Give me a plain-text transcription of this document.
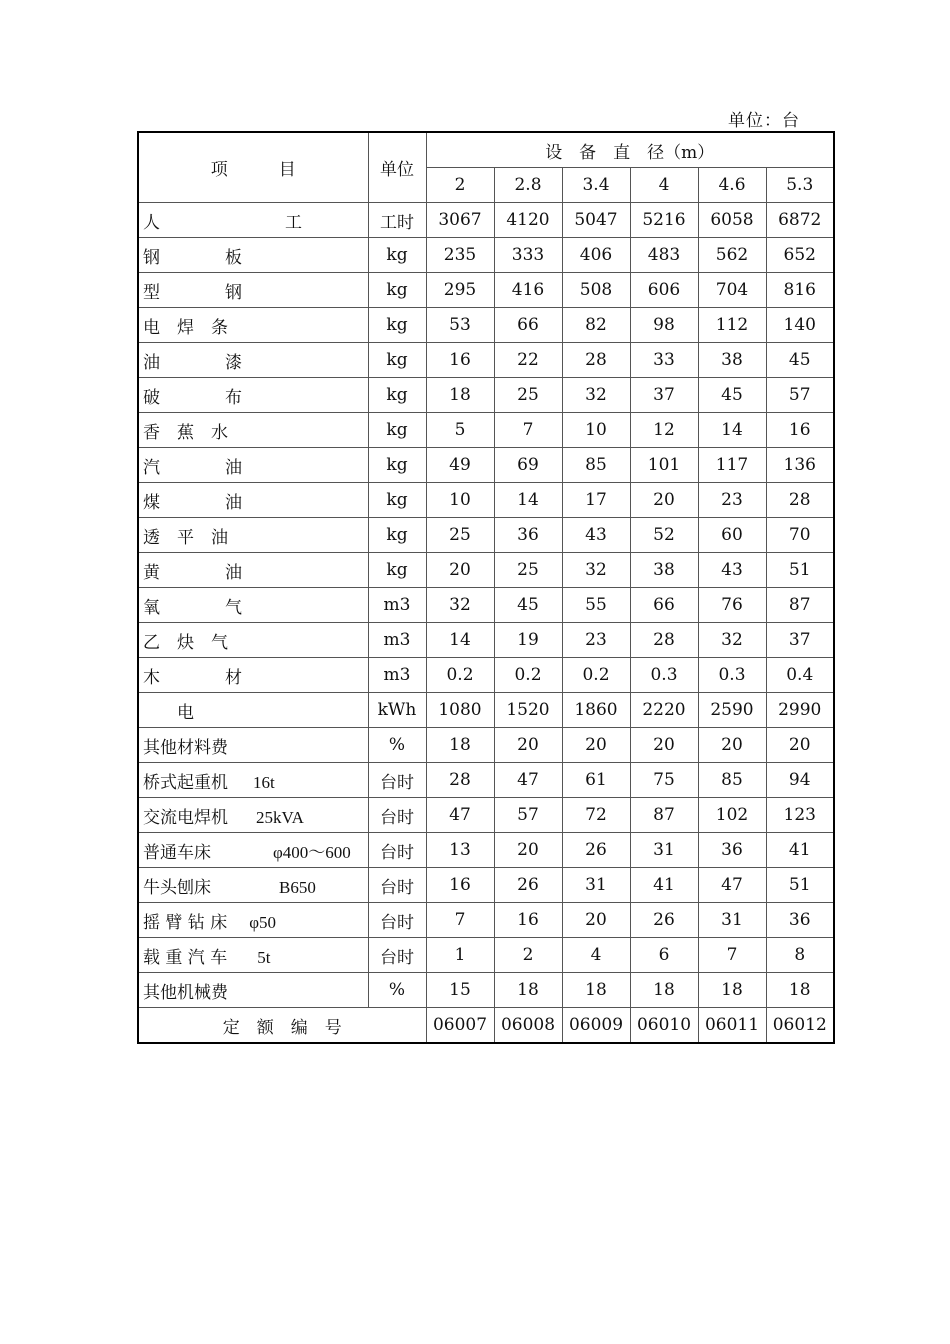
单位：台
项　　　目	单位	设　备　直　径（m）					
		2	2.8	3.4	4	4.6	5.3
人 工	工时	3067	4120	5047	5216	6058	6872
钢 板	kg	235	333	406	483	562	652
型 钢	kg	295	416	508	606	704	816
电　焊　条	kg	53	66	82	98	112	140
油 漆	kg	16	22	28	33	38	45
破 布	kg	18	25	32	37	45	57
香　蕉　水	kg	5	7	10	12	14	16
汽 油	kg	49	69	85	101	117	136
煤 油	kg	10	14	17	20	23	28
透　平　油	kg	25	36	43	52	60	70
黄 油	kg	20	25	32	38	43	51
氧 气	m3	32	45	55	66	76	87
乙　炔　气	m3	14	19	23	28	32	37
木 材	m3	0.2	0.2	0.2	0.3	0.3	0.4
　　电	kWh	1080	1520	1860	2220	2590	2990
其他材料费	%	18	20	20	20	20	20
桥式起重机 16t	台时	28	47	61	75	85	94
交流电焊机 25kVA	台时	47	57	72	87	102	123
普通车床 φ400～600	台时	13	20	26	31	36	41
牛头刨床 B650	台时	16	26	31	41	47	51
摇 臂 钻 床 φ50	台时	7	16	20	26	31	36
载 重 汽 车 5t	台时	1	2	4	6	7	8
其他机械费	%	15	18	18	18	18	18
定　额　编　号		06007	06008	06009	06010	06011	06012
